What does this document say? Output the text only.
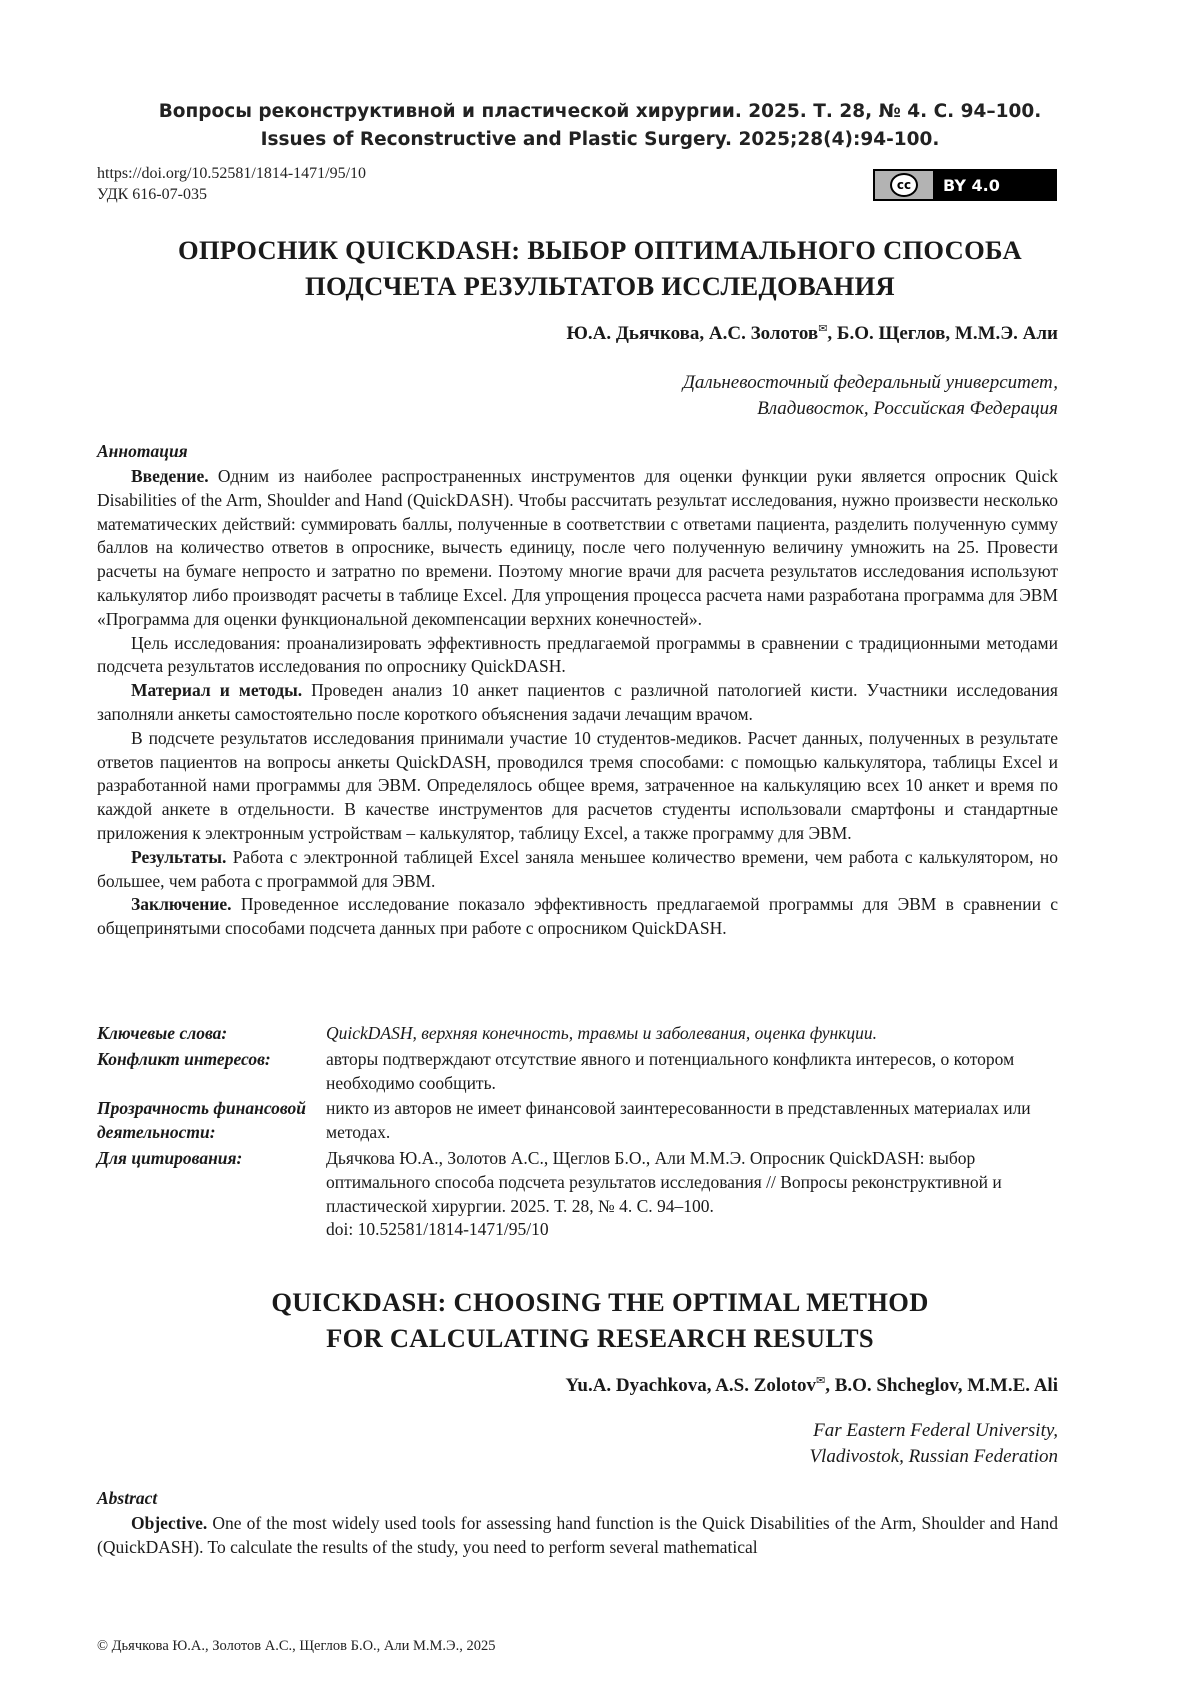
Вопросы реконструктивной и пластической хирургии. 2025. Т. 28, № 4. С. 94–100.
Issues of Reconstructive and Plastic Surgery. 2025;28(4):94-100.
https://doi.org/10.52581/1814-1471/95/10
УДК 616-07-035
cc	BY 4.0
ОПРОСНИК QUICKDASH: ВЫБОР ОПТИМАЛЬНОГО СПОСОБА
ПОДСЧЕТА РЕЗУЛЬТАТОВ ИССЛЕДОВАНИЯ
Ю.А. Дьячкова, А.С. Золотов✉, Б.О. Щеглов, М.М.Э. Али
Дальневосточный федеральный университет,
Владивосток, Российская Федерация
Аннотация

Введение. Одним из наиболее распространенных инструментов для оценки функции руки является опросник Quick Disabilities of the Arm, Shoulder and Hand (QuickDASH). Чтобы рассчитать результат исследования, нужно произвести несколько математических действий: суммировать баллы, полученные в соответствии с ответами пациента, разделить полученную сумму баллов на количество ответов в опроснике, вычесть единицу, после чего полученную величину умножить на 25. Провести расчеты на бумаге непросто и затратно по времени. Поэтому многие врачи для расчета результатов исследования используют калькулятор либо производят расчеты в таблице Excel. Для упрощения процесса расчета нами разработана программа для ЭВМ «Программа для оценки функциональной декомпенсации верхних конечностей».

Цель исследования: проанализировать эффективность предлагаемой программы в сравнении с традиционными методами подсчета результатов исследования по опроснику QuickDASH.

Материал и методы. Проведен анализ 10 анкет пациентов с различной патологией кисти. Участники исследования заполняли анкеты самостоятельно после короткого объяснения задачи лечащим врачом.

В подсчете результатов исследования принимали участие 10 студентов-медиков. Расчет данных, полученных в результате ответов пациентов на вопросы анкеты QuickDASH, проводился тремя способами: с помощью калькулятора, таблицы Excel и разработанной нами программы для ЭВМ. Определялось общее время, затраченное на калькуляцию всех 10 анкет и время по каждой анкете в отдельности. В качестве инструментов для расчетов студенты использовали смартфоны и стандартные приложения к электронным устройствам – калькулятор, таблицу Excel, а также программу для ЭВМ.

Результаты. Работа с электронной таблицей Excel заняла меньшее количество времени, чем работа с калькулятором, но большее, чем работа с программой для ЭВМ.

Заключение. Проведенное исследование показало эффективность предлагаемой программы для ЭВМ в сравнении с общепринятыми способами подсчета данных при работе с опросником QuickDASH.

Ключевые слова:	QuickDASH, верхняя конечность, травмы и заболевания, оценка функции.
Конфликт интересов:	авторы подтверждают отсутствие явного и потенциального конфликта интересов, о котором необходимо сообщить.
Прозрачность финансовой деятельности:
никто из авторов не имеет финансовой заинтересованности в представленных материалах или методах.
Для цитирования:	Дьячкова Ю.А., Золотов А.С., Щеглов Б.О., Али М.М.Э. Опросник QuickDASH: выбор оптимального способа подсчета результатов исследования // Вопросы реконструктивной и пластической хирургии. 2025. Т. 28, № 4. С. 94–100.
doi: 10.52581/1814-1471/95/10
QUICKDASH: CHOOSING THE OPTIMAL METHOD
FOR CALCULATING RESEARCH RESULTS
Yu.A. Dyachkova, A.S. Zolotov✉, B.O. Shcheglov, M.M.E. Ali
Far Eastern Federal University,
Vladivostok, Russian Federation
Abstract

Objective. One of the most widely used tools for assessing hand function is the Quick Disabilities of the Arm, Shoulder and Hand (QuickDASH). To calculate the results of the study, you need to perform several mathematical

© Дьячкова Ю.А., Золотов А.С., Щеглов Б.О., Али М.М.Э., 2025
